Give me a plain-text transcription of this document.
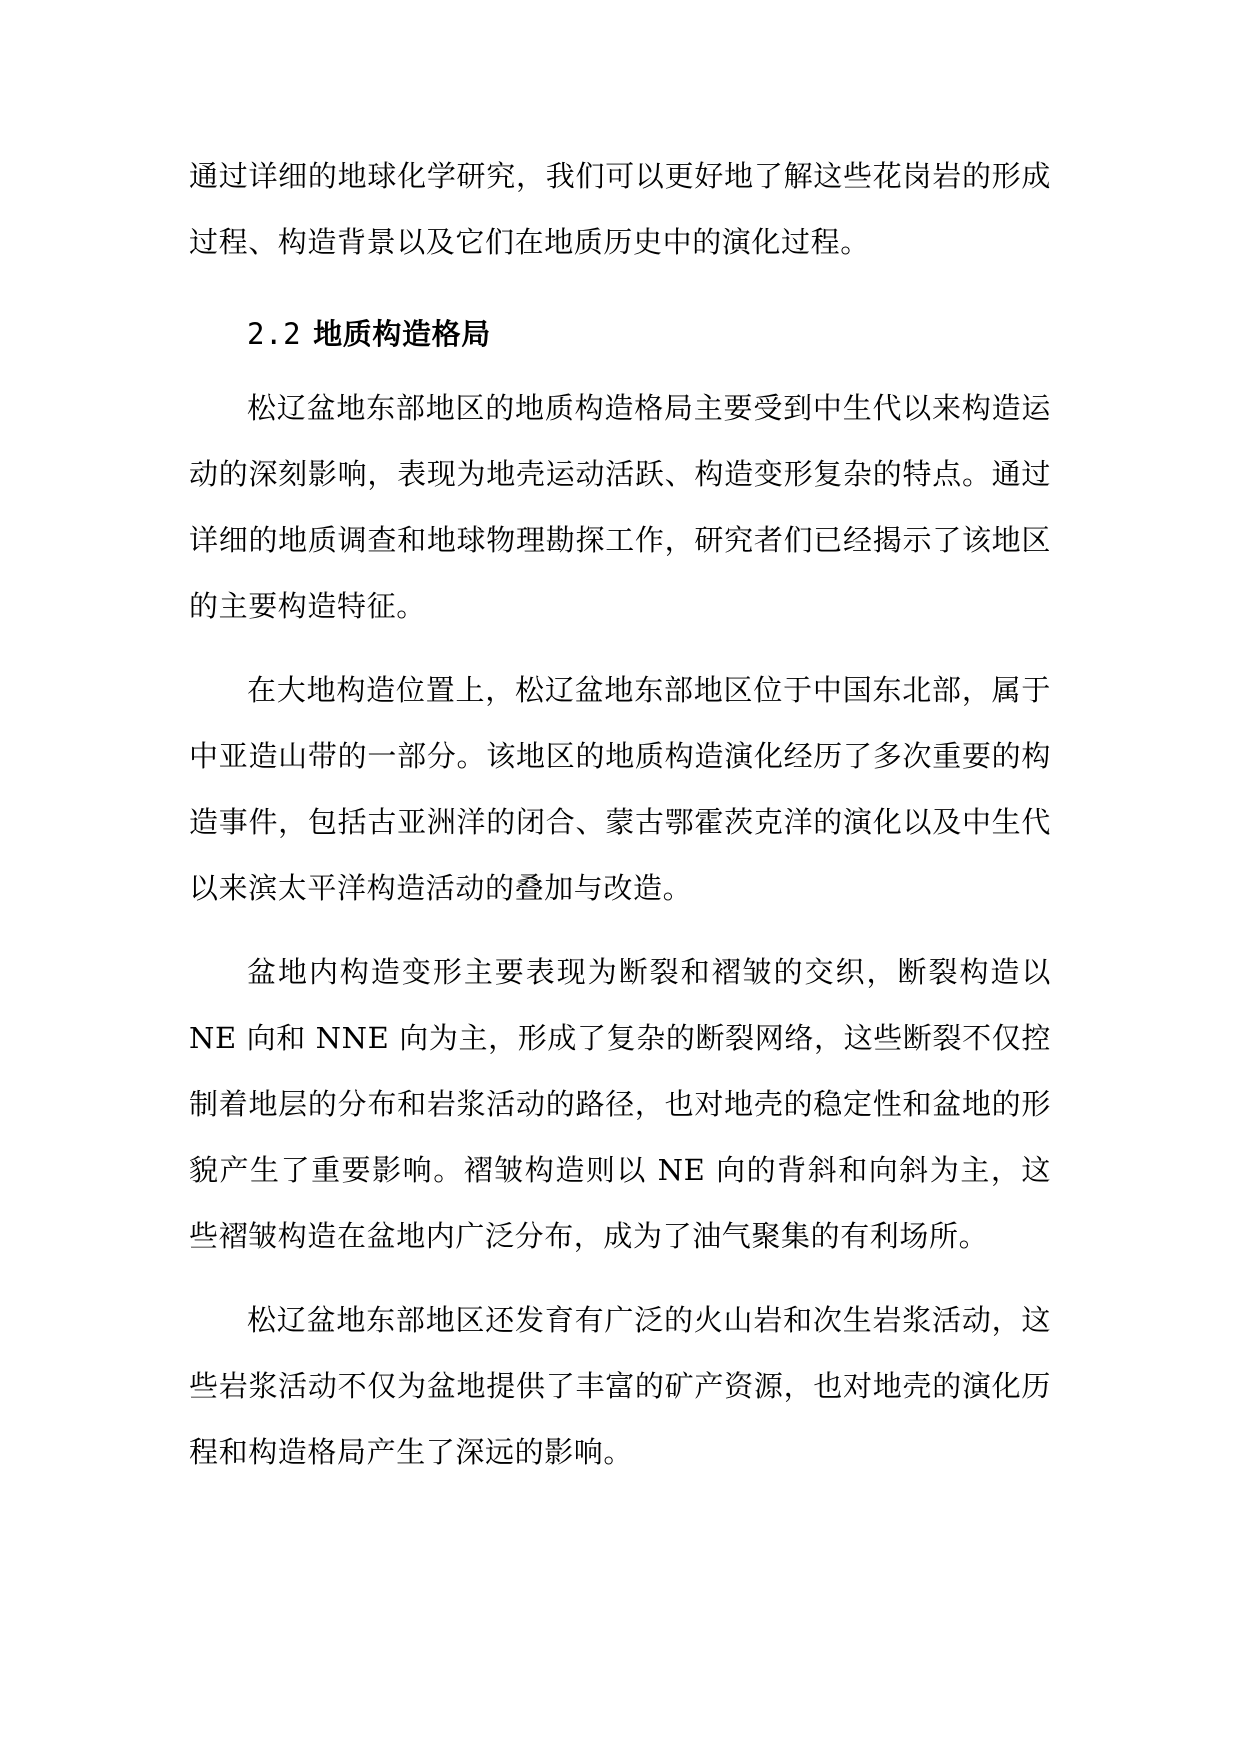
通过详细的地球化学研究，我们可以更好地了解这些花岗岩的形成过程、构造背景以及它们在地质历史中的演化过程。

2.2 地质构造格局

松辽盆地东部地区的地质构造格局主要受到中生代以来构造运动的深刻影响，表现为地壳运动活跃、构造变形复杂的特点。通过详细的地质调查和地球物理勘探工作，研究者们已经揭示了该地区的主要构造特征。

在大地构造位置上，松辽盆地东部地区位于中国东北部，属于中亚造山带的一部分。该地区的地质构造演化经历了多次重要的构造事件，包括古亚洲洋的闭合、蒙古鄂霍茨克洋的演化以及中生代以来滨太平洋构造活动的叠加与改造。

盆地内构造变形主要表现为断裂和褶皱的交织，断裂构造以 NE 向和 NNE 向为主，形成了复杂的断裂网络，这些断裂不仅控制着地层的分布和岩浆活动的路径，也对地壳的稳定性和盆地的形貌产生了重要影响。褶皱构造则以 NE 向的背斜和向斜为主，这些褶皱构造在盆地内广泛分布，成为了油气聚集的有利场所。

松辽盆地东部地区还发育有广泛的火山岩和次生岩浆活动，这些岩浆活动不仅为盆地提供了丰富的矿产资源，也对地壳的演化历程和构造格局产生了深远的影响。
